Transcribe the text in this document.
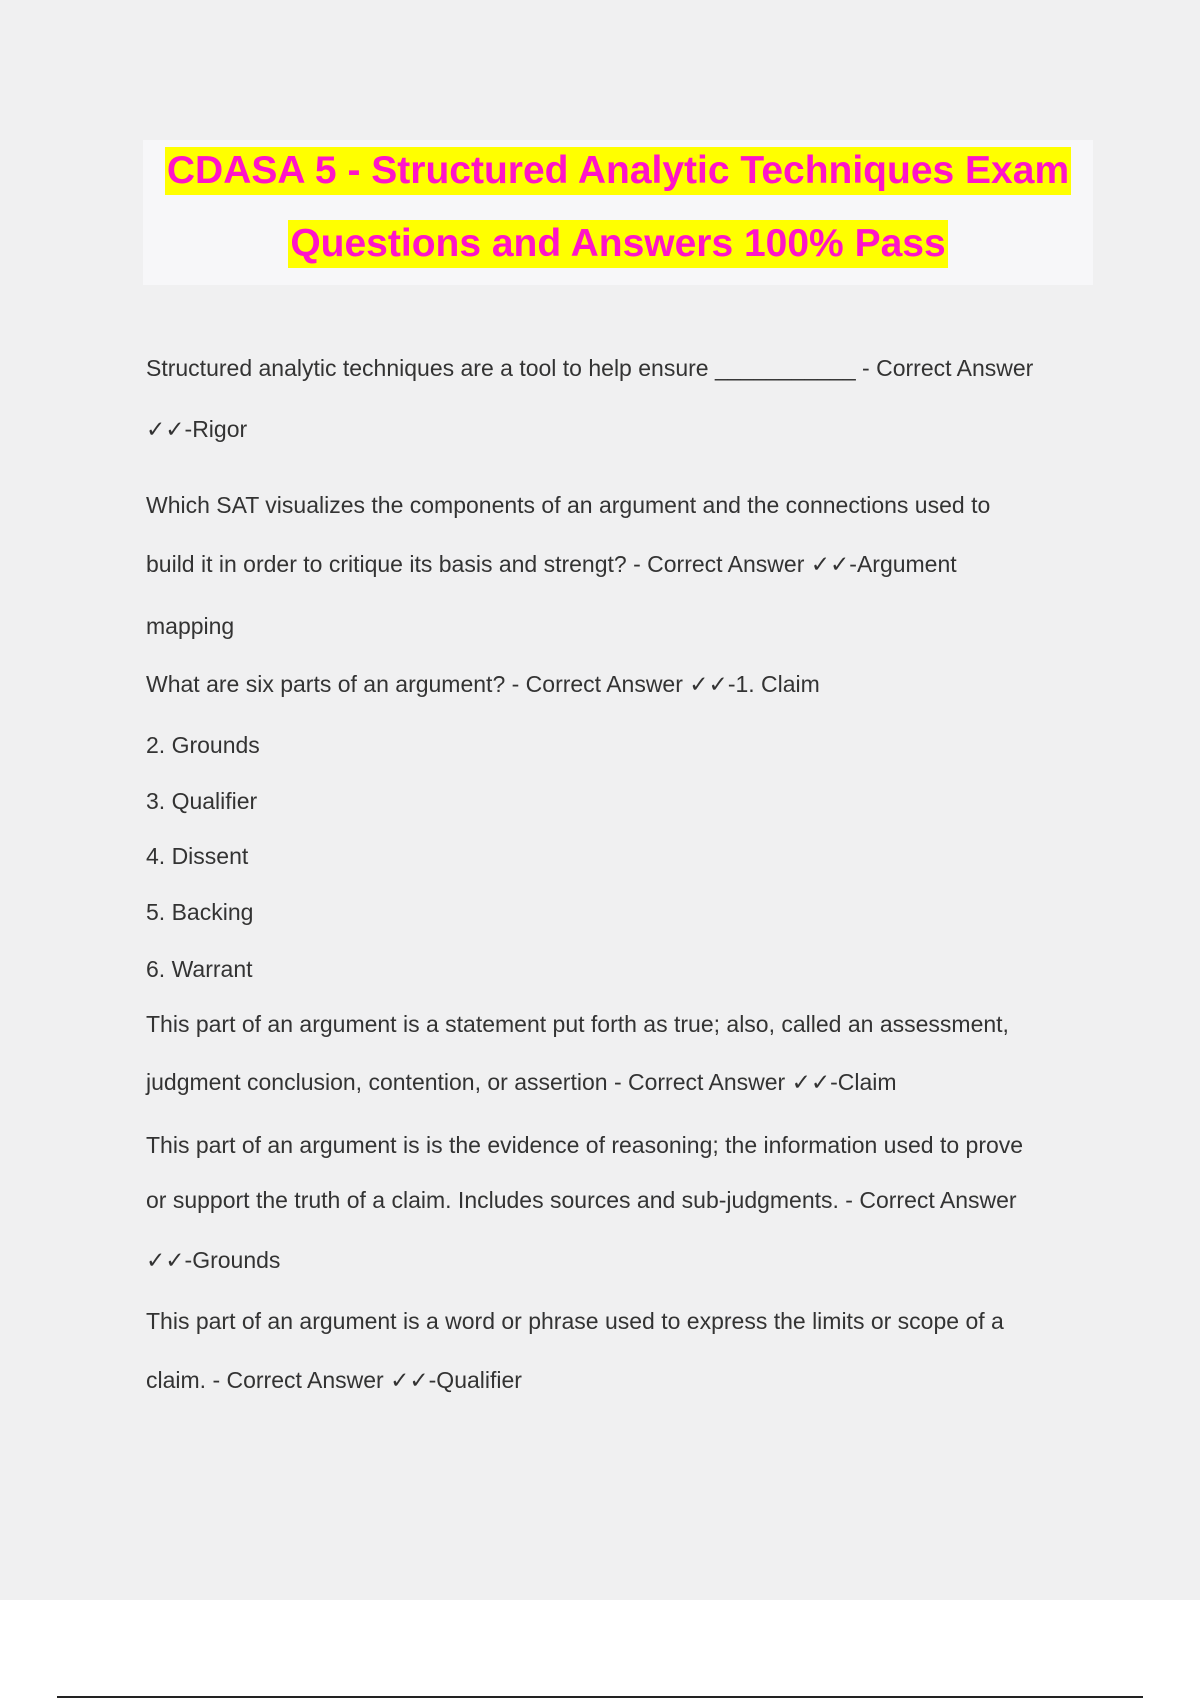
CDASA 5 - Structured Analytic Techniques Exam
Questions and Answers 100% Pass
Structured analytic techniques are a tool to help ensure ___________ - Correct Answer
✓✓-Rigor
Which SAT visualizes the components of an argument and the connections used to
build it in order to critique its basis and strengt? - Correct Answer ✓✓-Argument
mapping
What are six parts of an argument? - Correct Answer ✓✓-1. Claim
2. Grounds
3. Qualifier
4. Dissent
5. Backing
6. Warrant
This part of an argument is a statement put forth as true; also, called an assessment,
judgment conclusion, contention, or assertion - Correct Answer ✓✓-Claim
This part of an argument is is the evidence of reasoning; the information used to prove
or support the truth of a claim. Includes sources and sub-judgments. - Correct Answer
✓✓-Grounds
This part of an argument is a word or phrase used to express the limits or scope of a
claim. - Correct Answer ✓✓-Qualifier
